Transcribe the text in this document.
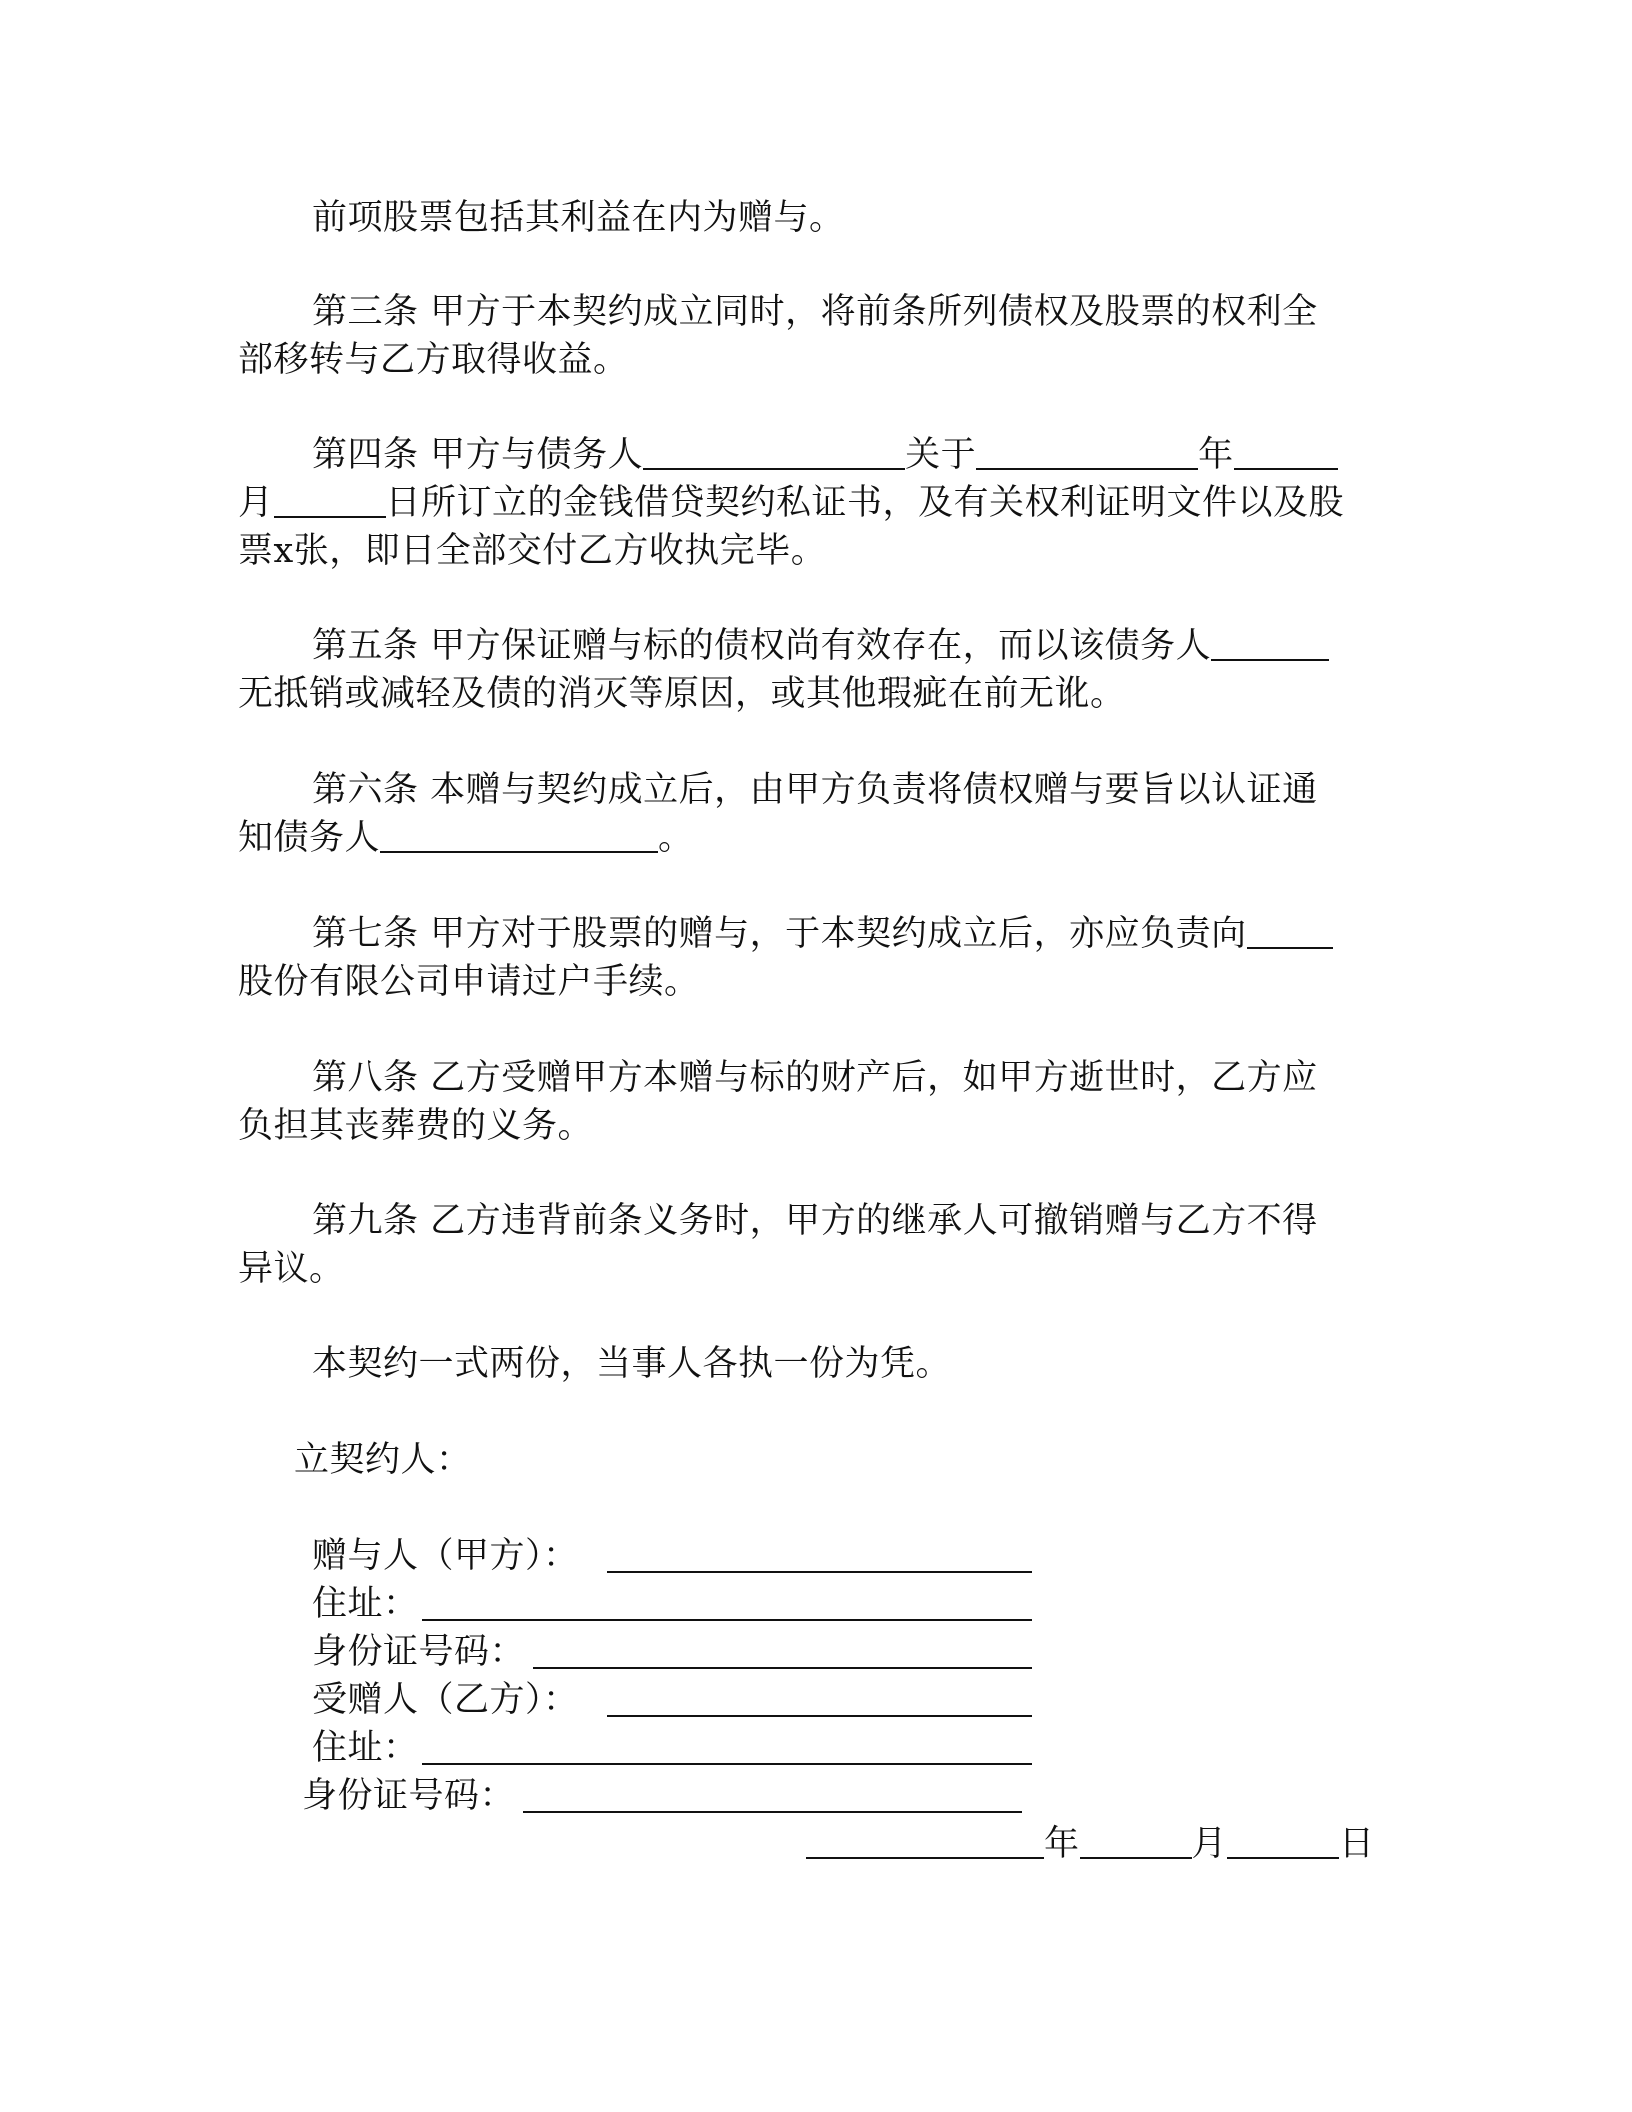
前项股票包括其利益在内为赠与。
第三条 甲方于本契约成立同时，将前条所列债权及股票的权利全
部移转与乙方取得收益。
第四条 甲方与债务人	关于	年
月	日所订立的金钱借贷契约私证书，及有关权利证明文件以及股
票x张，即日全部交付乙方收执完毕。
第五条 甲方保证赠与标的债权尚有效存在，而以该债务人
无抵销或减轻及债的消灭等原因，或其他瑕疵在前无讹。
第六条 本赠与契约成立后，由甲方负责将债权赠与要旨以认证通
知债务人	。
第七条 甲方对于股票的赠与，于本契约成立后，亦应负责向
股份有限公司申请过户手续。
第八条 乙方受赠甲方本赠与标的财产后，如甲方逝世时，乙方应
负担其丧葬费的义务。
第九条 乙方违背前条义务时，甲方的继承人可撤销赠与乙方不得
异议。
本契约一式两份，当事人各执一份为凭。
立契约人：
赠与人（甲方）：
住址：
身份证号码：
受赠人（乙方）：
住址：
身份证号码：
年	月	日
